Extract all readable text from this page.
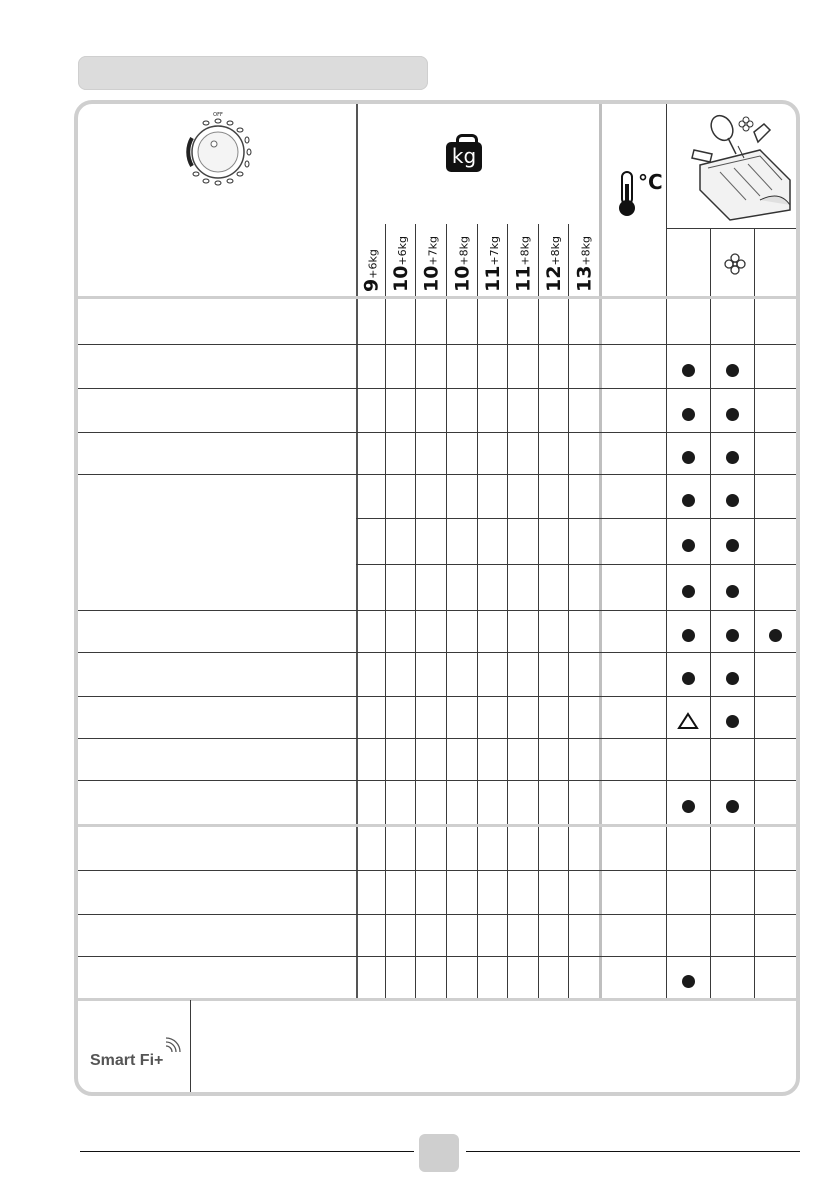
OFF
kg
°C
9+6kg
10+6kg
10+7kg
10+8kg
11+7kg
11+8kg
12+8kg
13+8kg
Smart Fi+
